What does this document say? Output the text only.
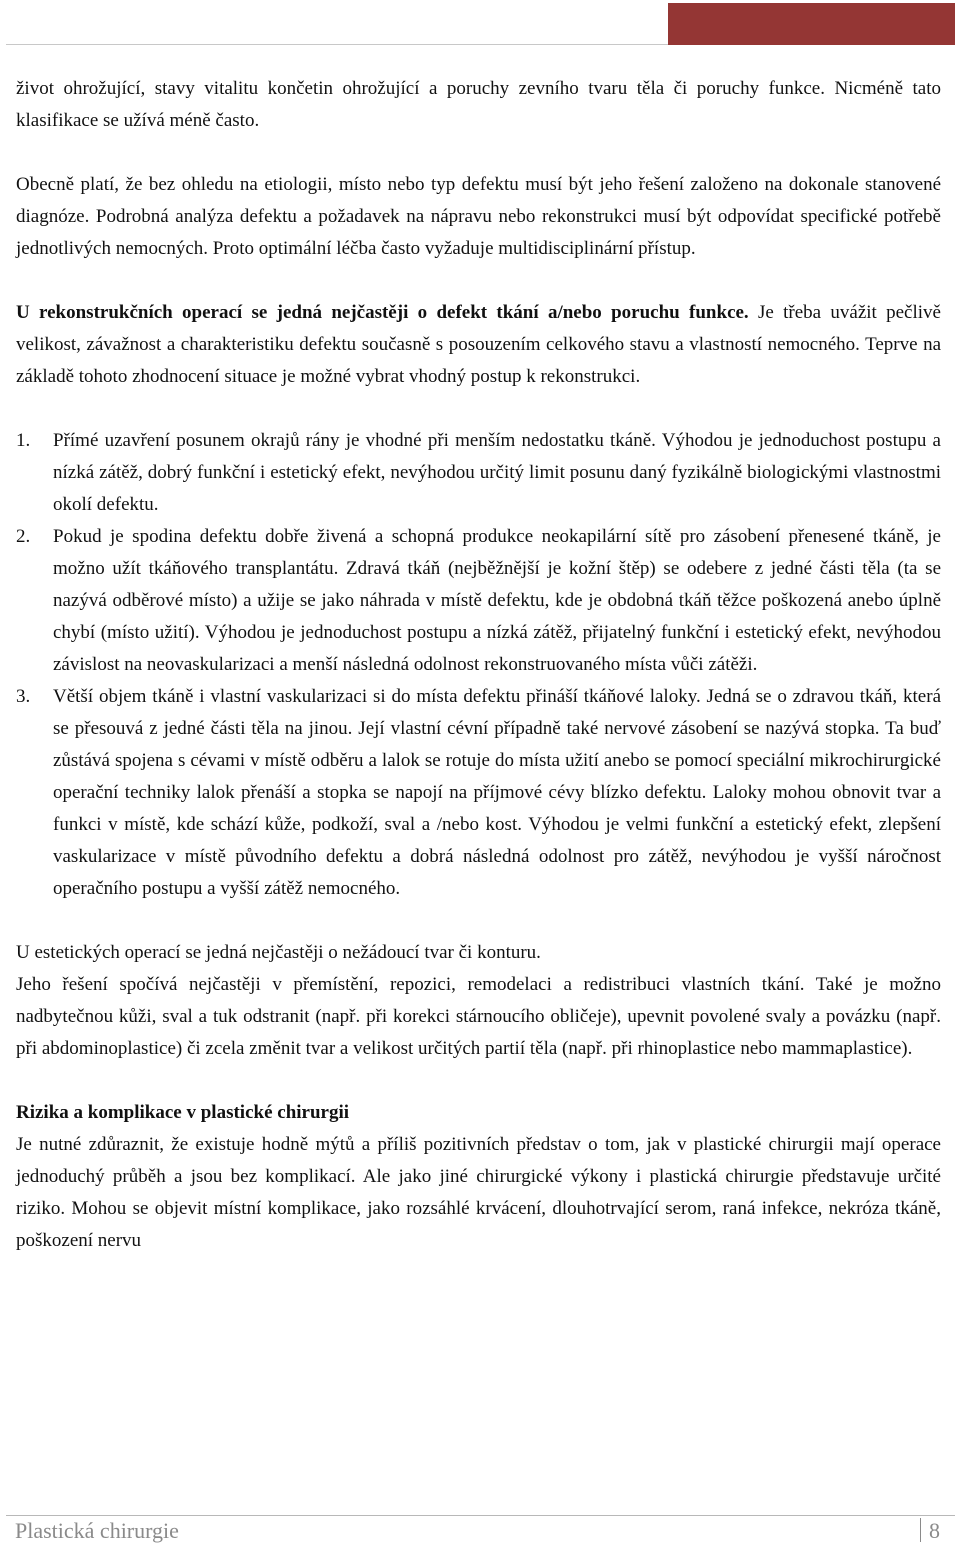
život ohrožující, stavy vitalitu končetin ohrožující a poruchy zevního tvaru těla či poruchy funkce. Nicméně tato klasifikace se užívá méně často.

Obecně platí, že bez ohledu na etiologii, místo nebo typ defektu musí být jeho řešení založeno na dokonale stanovené diagnóze. Podrobná analýza defektu a požadavek na nápravu nebo rekonstrukci musí být odpovídat specifické potřebě jednotlivých nemocných. Proto optimální léčba často vyžaduje multidisciplinární přístup.

U rekonstrukčních operací se jedná nejčastěji o defekt tkání a/nebo poruchu funkce. Je třeba uvážit pečlivě velikost, závažnost a charakteristiku defektu současně s posouzením celkového stavu a vlastností nemocného. Teprve na základě tohoto zhodnocení situace je možné vybrat vhodný postup k rekonstrukci.

1. Přímé uzavření posunem okrajů rány je vhodné při menším nedostatku tkáně. Výhodou je jednoduchost postupu a nízká zátěž, dobrý funkční i estetický efekt, nevýhodou určitý limit posunu daný fyzikálně biologickými vlastnostmi okolí defektu.
2. Pokud je spodina defektu dobře živená a schopná produkce neokapilární sítě pro zásobení přenesené tkáně, je možno užít tkáňového transplantátu. Zdravá tkáň (nejběžnější je kožní štěp) se odebere z jedné části těla (ta se nazývá odběrové místo) a užije se jako náhrada v místě defektu, kde je obdobná tkáň těžce poškozená anebo úplně chybí (místo užití). Výhodou je jednoduchost postupu a nízká zátěž, přijatelný funkční i estetický efekt, nevýhodou závislost na neovaskularizaci a menší následná odolnost rekonstruovaného místa vůči zátěži.
3. Větší objem tkáně i vlastní vaskularizaci si do místa defektu přináší tkáňové laloky. Jedná se o zdravou tkáň, která se přesouvá z jedné části těla na jinou. Její vlastní cévní případně také nervové zásobení se nazývá stopka. Ta buď zůstává spojena s cévami v místě odběru a lalok se rotuje do místa užití anebo se pomocí speciální mikrochirurgické operační techniky lalok přenáší a stopka se napojí na příjmové cévy blízko defektu. Laloky mohou obnovit tvar a funkci v místě, kde schází kůže, podkoží, sval a /nebo kost. Výhodou je velmi funkční a estetický efekt, zlepšení vaskularizace v místě původního defektu a dobrá následná odolnost pro zátěž, nevýhodou je vyšší náročnost operačního postupu a vyšší zátěž nemocného.

U estetických operací se jedná nejčastěji o nežádoucí tvar či konturu.

Jeho řešení spočívá nejčastěji v přemístění, repozici, remodelaci a redistribuci vlastních tkání. Také je možno nadbytečnou kůži, sval a tuk odstranit (např. při korekci stárnoucího obličeje), upevnit povolené svaly a povázku (např. při abdominoplastice) či zcela změnit tvar a velikost určitých partií těla (např. při rhinoplastice nebo mammaplastice).

Rizika a komplikace v plastické chirurgii

Je nutné zdůraznit, že existuje hodně mýtů a příliš pozitivních představ o tom, jak v plastické chirurgii mají operace jednoduchý průběh a jsou bez komplikací. Ale jako jiné chirurgické výkony i plastická chirurgie představuje určité riziko. Mohou se objevit místní komplikace, jako rozsáhlé krvácení, dlouhotrvající serom, raná infekce, nekróza tkáně, poškození nervu

Plastická chirurgie	8
